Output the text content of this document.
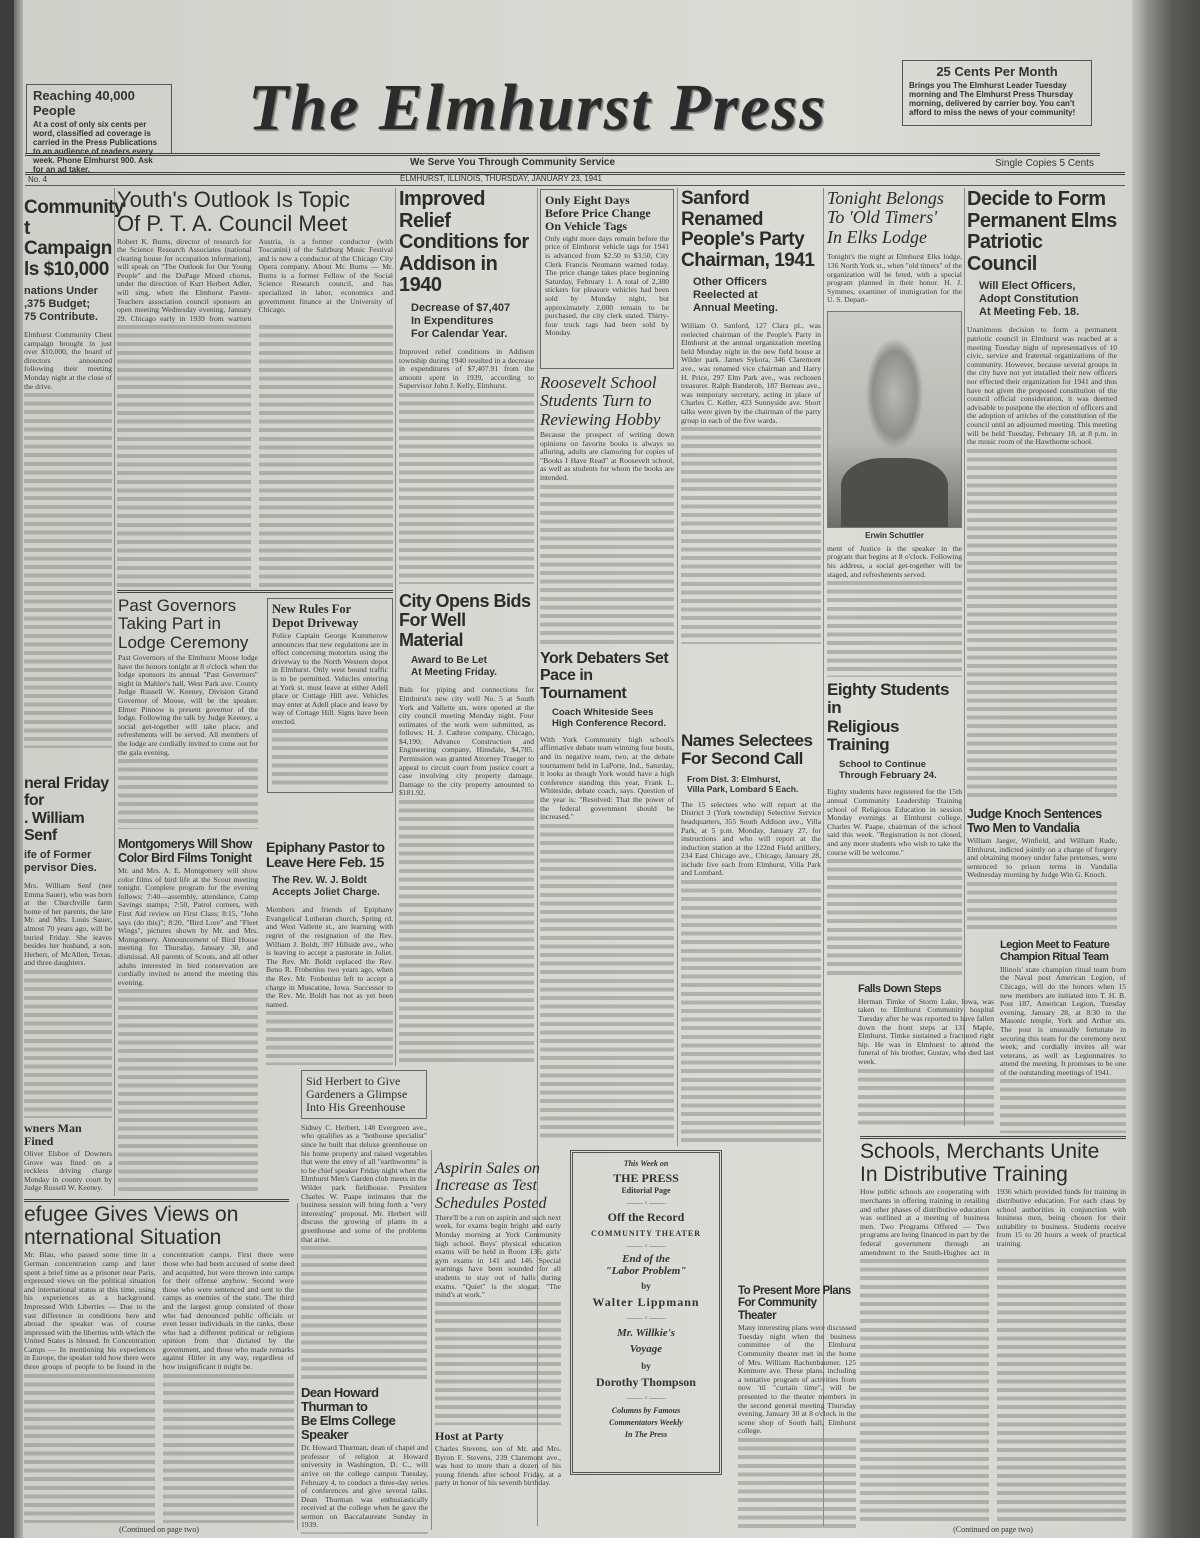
Reaching 40,000 People

At a cost of only six cents per word, classified ad coverage is carried in the Press Publications to an audience of readers every week. Phone Elmhurst 900. Ask for an ad taker.

The Elmhurst Press	25 Cents Per Month

Brings you The Elmhurst Leader Tuesday morning and The Elmhurst Press Thursday morning, delivered by carrier boy. You can't afford to miss the news of your community!

We Serve You Through Community Service	Single Copies 5 Cents
ELMHURST, ILLINOIS, THURSDAY, JANUARY 23, 1941
No. 4
Community
t Campaign
ls $10,000
nations Under
,375 Budget;
75 Contribute.

Elmhurst Community Chest campaign brought in just over $10,000, the board of directors announced following their meeting Monday night at the close of the drive.

neral Friday for
. William Senf
ife of Former
pervisor Dies.

Mrs. William Senf (nee Emma Sauer), who was born at the Churchville farm home of her parents, the late Mr. and Mrs. Louis Sauer, almost 70 years ago, will be buried Friday. She leaves besides her husband, a son, Herbert, of McAllen, Texas, and three daughters.

wners Man Fined

Oliver Elsboe of Downers Grove was fined on a reckless driving charge Monday in county court by Judge Russell W. Keeney.

efugee Gives Views on
nternational Situation

Mr. Blau, who passed some time in a German concentration camp and later spent a brief time as a prisoner near Paris, expressed views on the political situation and international status at this time, using his experiences as a background. Impressed With Liberties — Due to the vast difference in conditions here and abroad the speaker was of course impressed with the liberties with which the United States is blessed. In Concentration Camps — In mentioning his experiences in Europe, the speaker told how there were three groups of people to be found in the concentration camps. First there were those who had been accused of some deed and acquitted, but were thrown into camps for their offense anyhow. Second were those who were sentenced and sent to the camps as enemies of the state. The third and the largest group consisted of those who had denounced public officials or even lesser individuals in the ranks, those who had a different political or religious opinion from that dictated by the government, and those who made remarks against Hitler in any way, regardless of how insignificant it might be.

(Continued on page two)
Youth's Outlook Is Topic
Of P. T. A. Council Meet

Robert K. Burns, director of research for the Science Research Associates (national clearing house for occupation information), will speak on "The Outlook for Our Young People" and the DuPage Mixed chorus, under the direction of Kurt Herbert Adler, will sing, when the Elmhurst Parent-Teachers association council sponsors an open meeting Wednesday evening, January 29. Chicago early in 1939 from wartorn Austria, is a former conductor (with Toscanini) of the Salzburg Music Festival and is now a conductor of the Chicago City Opera company. About Mr. Burns — Mr. Burns is a former Fellow of the Social Science Research council, and has specialized in labor, economics and government finance at the University of Chicago.

Past Governors
Taking Part in
Lodge Ceremony

Past Governors of the Elmhurst Moose lodge have the honors tonight at 8 o'clock when the lodge sponsors its annual "Past Governors" night in Mahler's hall, West Park ave. County Judge Russell W. Keeney, Division Grand Governor of Moose, will be the speaker. Elmer Pinnow is present governor of the lodge. Following the talk by Judge Keeney, a social get-together will take place, and refreshments will be served. All members of the lodge are cordially invited to come out for the gala evening.

Montgomerys Will Show
Color Bird Films Tonight

Mr. and Mrs. A. E. Montgomery will show color films of bird life at the Scout meeting tonight. Complete program for the evening follows: 7:40—assembly, attendance, Camp Savings stamps; 7:50, Patrol corners, with First Aid review on First Class; 8:15, "John says (do this)"; 8:20, "Bird Lore" and "Fleet Wings", pictures shown by Mr. and Mrs. Montgomery. Announcement of Bird House meeting for Thursday, January 30, and dismissal. All parents of Scouts, and all other adults interested in bird conservation are cordially invited to attend the meeting this evening.

New Rules For
Depot Driveway

Police Captain George Kummerow announces that new regulations are in effect concerning motorists using the driveway to the North Western depot in Elmhurst. Only west bound traffic is to be permitted. Vehicles entering at York st. must leave at either Adell place or Cottage Hill ave. Vehicles may enter at Adell place and leave by way of Cottage Hill. Signs have been erected.

Epiphany Pastor to
Leave Here Feb. 15
The Rev. W. J. Boldt
Accepts Joliet Charge.

Members and friends of Epiphany Evangelical Lutheran church, Spring rd. and West Vallette st., are learning with regret of the resignation of the Rev. William J. Boldt, 397 Hillside ave., who is leaving to accept a pastorate in Joliet. The Rev. Mr. Boldt replaced the Rev. Beno R. Frobenius two years ago, when the Rev. Mr. Frobenius left to accept a charge in Muscatine, Iowa. Successor to the Rev. Mr. Boldt has not as yet been named.

Sid Herbert to Give
Gardeners a Glimpse
Into His Greenhouse

Sidney C. Herbert, 148 Evergreen ave., who qualifies as a "hothouse specialist" since he built that deluxe greenhouse on his home property and raised vegetables that were the envy of all "earthworms" is to be chief speaker Friday night when the Elmhurst Men's Garden club meets in the Wilder park fieldhouse. President Charles W. Paape intimates that the business session will bring forth a "very interesting" proposal. Mr. Herbert will discuss the growing of plants in a greenhouse and some of the problems that arise.

Dean Howard Thurman to
Be Elms College Speaker

Dr. Howard Thurman, dean of chapel and professor of religion at Howard university in Washington, D. C., will arrive on the college campus Tuesday, February 4, to conduct a three-day series of conferences and give several talks. Dean Thurman was enthusiastically received at the college when he gave the sermon on Baccalaureate Sunday in 1939.

Improved Relief
Conditions for
Addison in 1940
Decrease of $7,407
In Expenditures
For Calendar Year.

Improved relief conditions in Addison township during 1940 resulted in a decrease in expenditures of $7,407.91 from the amount spent in 1939, according to Supervisor John J. Kelly, Elmhurst.

City Opens Bids
For Well Material
Award to Be Let
At Meeting Friday.

Bids for piping and connections for Elmhurst's new city well No. 5 at South York and Vallette sts. were opened at the city council meeting Monday night. Four estimates of the work were submitted, as follows: H. J. Cathroe company, Chicago, $4,190; Advance Construction and Engineering company, Hinsdale, $4,785. Permission was granted Attorney Traeger to appeal to circuit court from justice court a case involving city property damage. Damage to the city property amounted to $181.92.

Aspirin Sales on
Increase as Test
Schedules Posted

There'll be a run on aspirin and such next week, for exams begin bright and early Monday morning at York Community high school. Boys' physical education exams will be held in Room 136; girls' gym exams in 141 and 146. Special warnings have been sounded for all students to stay out of halls during exams. "Quiet" is the slogan. "The mind's at work."

Host at Party

Charles Stevens, son of Mr. and Mrs. Byron F. Stevens, 239 Claremont ave., was host to more than a dozen of his young friends after school Friday, at a party in honor of his seventh birthday.

Only Eight Days
Before Price Change
On Vehicle Tags

Only eight more days remain before the price of Elmhurst vehicle tags for 1941 is advanced from $2.50 to $3.50, City Clerk Francis Neumann warned today. The price change takes place beginning Saturday, February 1. A total of 2,380 stickers for pleasure vehicles had been sold by Monday night, but approximately 2,000 remain to be purchased, the city clerk stated. Thirty-four truck tags had been sold by Monday.

Roosevelt School
Students Turn to
Reviewing Hobby

Because the prospect of writing down opinions on favorite books is always so alluring, adults are clamoring for copies of "Books I Have Read" at Roosevelt school, as well as students for whom the books are intended.

York Debaters Set
Pace in Tournament
Coach Whiteside Sees
High Conference Record.

With York Community high school's affirmative debate team winning four bouts, and its negative team, two, at the debate tournament held in LaPorte, Ind., Saturday, it looks as though York would have a high conference standing this year, Frank L. Whiteside, debate coach, says. Question of the year is: "Resolved: That the power of the federal government should be increased."

This Week on
THE PRESS
Editorial Page
—— ◦ ——
Off the Record
COMMUNITY THEATER
—— ◦ ——
End of the
"Labor Problem"
by
Walter Lippmann
—— ◦ ——
Mr. Willkie's
Voyage
by
Dorothy Thompson
—— ◦ ——
Columns by Famous
Commentators Weekly
In The Press
Sanford Renamed
People's Party
Chairman, 1941
Other Officers
Reelected at
Annual Meeting.

William O. Sanford, 127 Clara pl., was reelected chairman of the People's Party in Elmhurst at the annual organization meeting held Monday night in the new field house at Wilder park. James Sykora, 346 Claremont ave., was renamed vice chairman and Harry H. Price, 297 Elm Park ave., was rechosen treasurer. Ralph Banderob, 187 Berteau ave., was temporary secretary, acting in place of Charles C. Keller, 423 Sunnyside ave. Short talks were given by the chairman of the party group in each of the five wards.

Names Selectees
For Second Call
From Dist. 3: Elmhurst,
Villa Park, Lombard 5 Each.

The 15 selectees who will report at the District 3 (York township) Selective Service headquarters, 355 South Addison ave., Villa Park, at 5 p.m. Monday, January 27, for instructions and who will report at the induction station at the 122nd Field artillery, 234 East Chicago ave., Chicago, January 28, include five each from Elmhurst, Villa Park and Lombard.

To Present More Plans
For Community Theater

Many interesting plans were discussed Tuesday night when the business committee of the Elmhurst Community theater met in the home of Mrs. William Rachenbaumer, 125 Kenmore ave. These plans, including a tentative program of activities from now 'til "curtain time", will be presented to the theater members in the second general meeting Thursday evening, January 30 at 8 o'clock in the scene shop of South hall, Elmhurst college.

Tonight Belongs
To 'Old Timers'
In Elks Lodge

Tonight's the night at Elmhurst Elks lodge, 136 North York st., when "old timers" of the organization will be feted, with a special program planned in their honor. H. J. Symmes, examiner of immigration for the U. S. Depart-

Erwin Schuttler

ment of Justice is the speaker in the program that begins at 8 o'clock. Following his address, a social get-together will be staged, and refreshments served.

Eighty Students in
Religious Training
School to Continue
Through February 24.

Eighty students have registered for the 15th annual Community Leadership Training school of Religious Education in session Monday evenings at Elmhurst college, Charles W. Paape, chairman of the school said this week. "Registration is not closed, and any more students who wish to take the course will be welcome."

Falls Down Steps

Herman Timke of Storm Lake, Iowa, was taken to Elmhurst Community hospital Tuesday after he was reported to have fallen down the front steps at 131 Maple, Elmhurst. Timke sustained a fractured right hip. He was in Elmhurst to attend the funeral of his brother, Gustav, who died last week.

Decide to Form
Permanent Elms
Patriotic Council
Will Elect Officers,
Adopt Constitution
At Meeting Feb. 18.

Unanimous decision to form a permanent patriotic council in Elmhurst was reached at a meeting Tuesday night of representatives of 10 civic, service and fraternal organizations of the community. However, because several groups in the city have not yet installed their new officers nor effected their organization for 1941 and thus have not given the proposed constitution of the council official consideration, it was deemed advisable to postpone the election of officers and the adoption of articles of the constitution of the council until an adjourned meeting. This meeting will be held Tuesday, February 18, at 8 p.m. in the music room of the Hawthorne school.

Judge Knoch Sentences
Two Men to Vandalia

William Jaeger, Winfield, and William Rude, Elmhurst, indicted jointly on a charge of forgery and obtaining money under false pretenses, were sentenced to prison terms in Vandalia Wednesday morning by Judge Win G. Knoch.

Legion Meet to Feature
Champion Ritual Team

Illinois' state champion ritual team from the Naval post American Legion, of Chicago, will do the honors when 15 new members are initiated into T. H. B. Post 187, American Legion, Tuesday evening, January 28, at 8:30 in the Masonic temple, York and Arthur sts. The post is unusually fortunate in securing this team for the ceremony next week; and cordially invites all war veterans, as well as Legionnaires to attend the meeting. It promises to be one of the outstanding meetings of 1941.

Schools, Merchants Unite
In Distributive Training

How public schools are cooperating with merchants in offering training in retailing and other phases of distributive education was outlined at a meeting of business men. Two Programs Offered — Two programs are being financed in part by the federal government through an amendment to the Smith-Hughes act in 1936 which provided funds for training in distributive education. For each class by school authorities in conjunction with business men, being chosen for their suitability to business. Students receive from 15 to 20 hours a week of practical training.

(Continued on page two)
